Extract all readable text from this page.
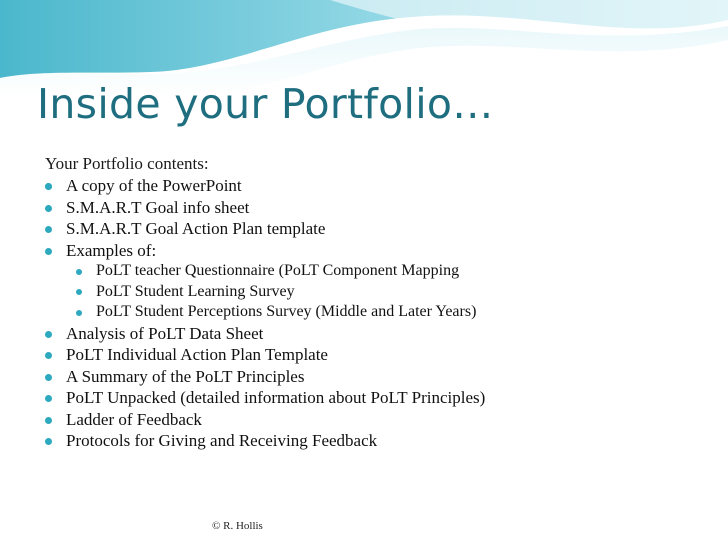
Inside your Portfolio…
Your Portfolio contents:
A copy of the PowerPoint
S.M.A.R.T Goal info sheet
S.M.A.R.T Goal Action Plan template
Examples of:
PoLT teacher Questionnaire (PoLT Component Mapping
PoLT Student Learning Survey
PoLT Student Perceptions Survey (Middle and Later Years)
Analysis of PoLT Data Sheet
PoLT Individual Action Plan Template
A Summary of the PoLT Principles
PoLT Unpacked (detailed information about PoLT Principles)
Ladder of Feedback
Protocols for Giving and Receiving Feedback
© R. Hollis
